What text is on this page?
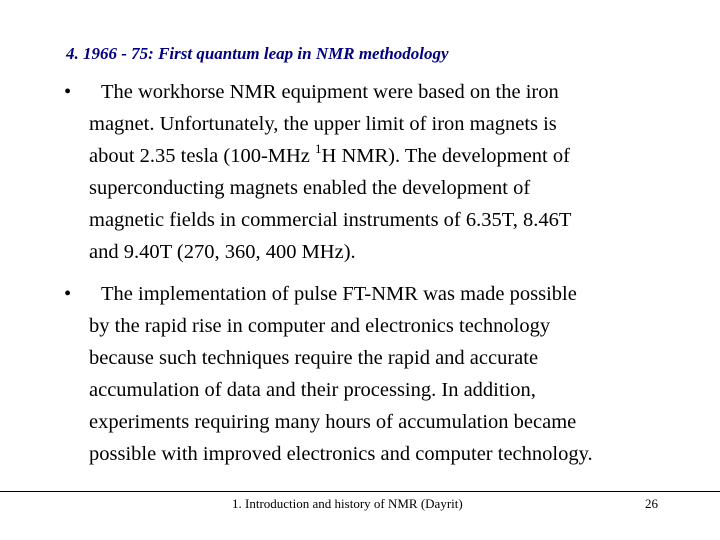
4. 1966 - 75: First quantum leap in NMR methodology
•	The workhorse NMR equipment were based on the iron
magnet. Unfortunately, the upper limit of iron magnets is
about 2.35 tesla (100-MHz $^1$H NMR). The development of
superconducting magnets enabled the development of
magnetic fields in commercial instruments of 6.35T, 8.46T
and 9.40T (270, 360, 400 MHz).
•	The implementation of pulse FT-NMR was made possible
by the rapid rise in computer and electronics technology
because such techniques require the rapid and accurate
accumulation of data and their processing. In addition,
experiments requiring many hours of accumulation became
possible with improved electronics and computer technology.
1. Introduction and history of NMR (Dayrit)	26
